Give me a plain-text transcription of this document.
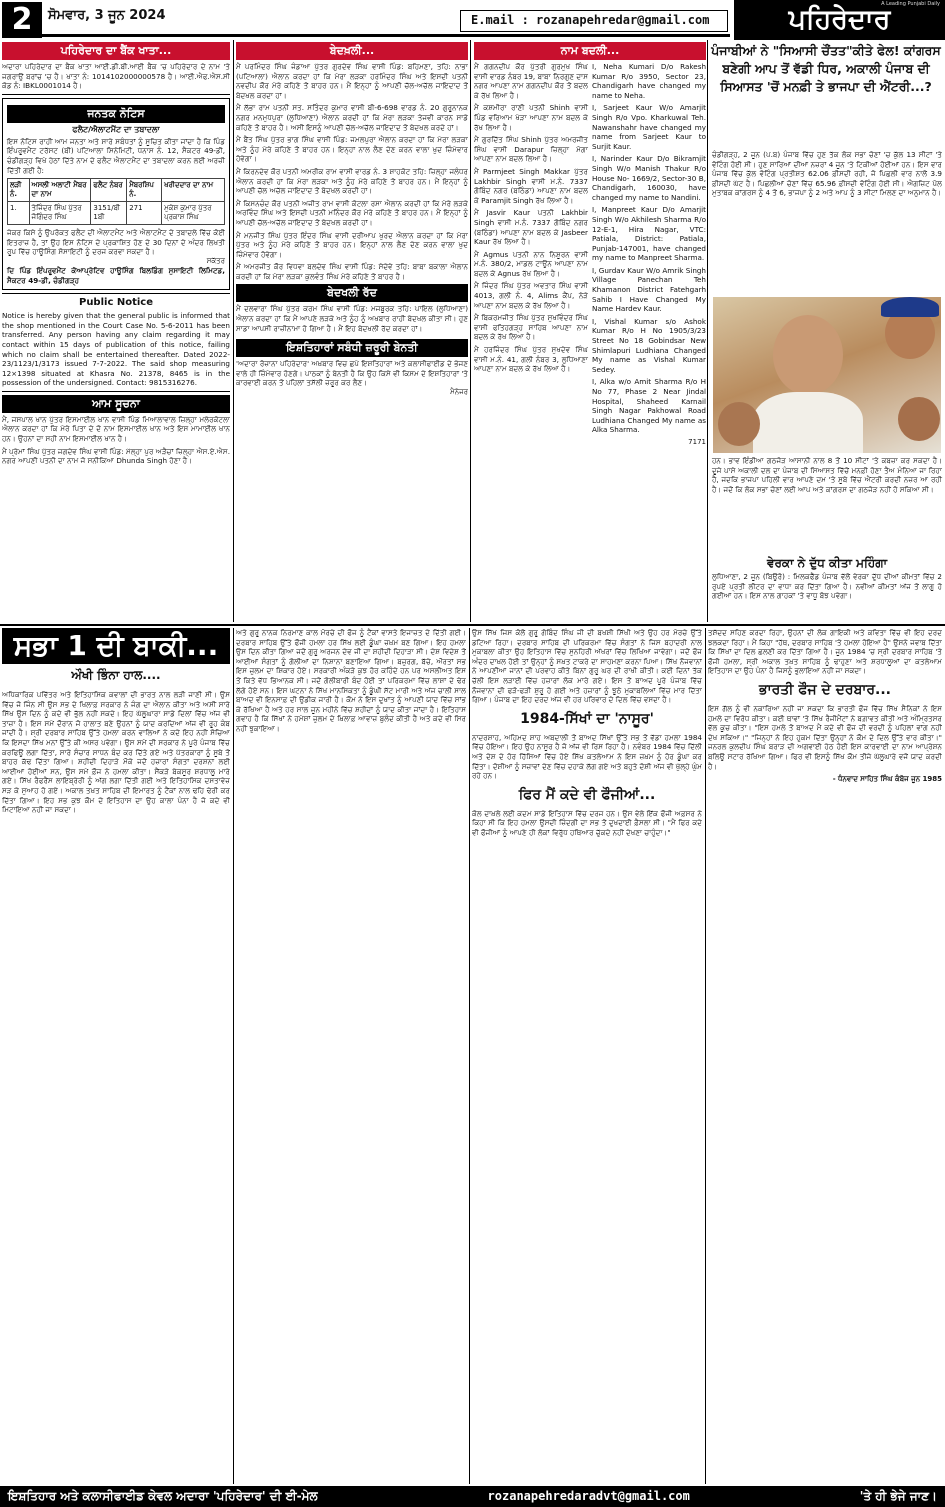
2	ਸੋਮਵਾਰ, 3 ਜੂਨ 2024	E.mail : rozanapehredar@gmail.com	ਪਹਿਰੇਦਾਰ
A Leading Punjabi Daily
ਪਹਿਰੇਦਾਰ ਦਾ ਬੈਂਕ ਖਾਤਾ...
ਅਦਾਰਾ ਪਹਿਰੇਦਾਰ ਦਾ ਬੈਂਕ ਖਾਤਾ ਆਈ.ਡੀ.ਬੀ.ਆਈ ਬੈਂਕ 'ਚ ਪਹਿਰੇਦਾਰ ਦੇ ਨਾਮ 'ਤੇ ਜਗਰਾਉਂ ਬਰਾਂਚ 'ਚ ਹੈ। ਖਾਤਾ ਨੰ: 1014102000000578 ਹੈ। ਆਈ.ਐਫ.ਐਸ.ਸੀ ਕੋਡ ਨੰ: IBKL0001014 ਹੈ।
ਜਨਤਕ ਨੋਟਿਸ
ਫਲੈਟ/ਐਲਾਟਮੈਂਟ ਦਾ ਤਬਾਦਲਾ
ਇਸ ਨੋਟਿਸ ਰਾਹੀਂ ਆਮ ਜਨਤਾ ਅਤੇ ਸਾਰੇ ਸਬੰਧਤਾਂ ਨੂੰ ਸੂਚਿਤ ਕੀਤਾ ਜਾਂਦਾ ਹੈ ਕਿ ਪਿੰਡ ਇੰਪਰੂਵਮੈਂਟ ਟਰੱਸਟ (ਬੀ) ਪਟਿਆਲਾ ਸਿਨੇਮਿਟੀ, ਧਨਾਸ ਨੰ. 12, ਸੈਕਟਰ 49-ਡੀ, ਚੰਡੀਗੜ੍ਹ ਵਿਖੇ ਹੇਠਾਂ ਦਿੱਤੇ ਨਾਮ ਦੇ ਫਲੈਟ ਐਲਾਟਮੈਂਟ ਦਾ ਤਬਾਦਲਾ ਕਰਨ ਲਈ ਅਰਜ਼ੀ ਦਿੱਤੀ ਗਈ ਹੈ:
ਲੜੀ ਨੰ.	ਅਸਲੀ ਅਲਾਟੀ ਮੈਂਬਰ ਦਾ ਨਾਮ	ਫਲੈਟ ਨੰਬਰ	ਮੈਂਬਰਸ਼ਿਪ ਨੰ.	ਖਰੀਦਦਾਰ ਦਾ ਨਾਮ
1.	ਤੇਜਿੰਦਰ ਸਿੰਘ ਪੁੱਤਰ ਜੋਗਿੰਦਰ ਸਿੰਘ	3151/ਬੀ 1ਬੀ	271	ਮੁਕੇਸ਼ ਕੁਮਾਰ ਪੁੱਤਰ ਪ੍ਰਕਾਸ਼ ਸਿੰਘ
ਜੇਕਰ ਕਿਸੇ ਨੂੰ ਉਪਰੋਕਤ ਫਲੈਟ ਦੀ ਐਲਾਟਮੈਂਟ ਅਤੇ ਐਲਾਟਮੈਂਟ ਦੇ ਤਬਾਦਲੇ ਵਿੱਚ ਕੋਈ ਇਤਰਾਜ਼ ਹੈ, ਤਾਂ ਉਹ ਇਸ ਨੋਟਿਸ ਦੇ ਪ੍ਰਕਾਸ਼ਿਤ ਹੋਣ ਦੇ 30 ਦਿਨਾਂ ਦੇ ਅੰਦਰ ਲਿਖਤੀ ਰੂਪ ਵਿੱਚ ਹਾਊਸਿੰਗ ਸੋਸਾਇਟੀ ਨੂੰ ਦਰਜ ਕਰਵਾ ਸਕਦਾ ਹੈ।
ਸਕੱਤਰ
ਦਿ ਪਿੰਡ ਇੰਪਰੂਵਮੈਂਟ ਕੋਆਪ੍ਰੇਟਿਵ ਹਾਊਸਿੰਗ ਬਿਲਡਿੰਗ ਸੁਸਾਇਟੀ ਲਿਮਿਟਡ, ਸੈਕਟਰ 49-ਡੀ, ਚੰਡੀਗੜ੍ਹ
Public Notice
Notice is hereby given that the general public is informed that the shop mentioned in the Court Case No. 5-6-2011 has been transferred. Any person having any claim regarding it may contact within 15 days of publication of this notice, failing which no claim shall be entertained thereafter. Dated 2022-23/1123/1/3173 issued 7-7-2022. The said shop measuring 12×1398 situated at Khasra No. 21378, 8465 is in the possession of the undersigned. Contact: 9815316276.
ਆਮ ਸੂਚਨਾ

ਮੈਂ, ਜਸਪਾਲ ਖਾਨ ਪੁੱਤਰ ਇਸਮਾਈਲ ਖਾਨ ਵਾਸੀ ਪਿੰਡ ਮਿਆਲਾਵਾਲ ਜ਼ਿਲ੍ਹਾ ਮਲੇਰਕੋਟਲਾ ਐਲਾਨ ਕਰਦਾ ਹਾਂ ਕਿ ਮੇਰੇ ਪਿਤਾ ਦੇ ਦੋ ਨਾਮ ਇਸਮਾਈਲ ਖਾਨ ਅਤੇ ਇਸ ਮਾਮਾਈਲ ਖਾਨ ਹਨ। ਉਹਨਾਂ ਦਾ ਸਹੀ ਨਾਮ ਇਸਮਾਈਲ ਖਾਨ ਹੈ।

ਮੈਂ ਪ੍ਰੇਮਾਂ ਸਿੰਘ ਪੁੱਤਰ ਜਗਦੇਵ ਸਿੰਘ ਵਾਸੀ ਪਿੰਡ: ਮੱਲ੍ਹਾ ਪੁਰ ਅੜੈਚਾਂ ਜ਼ਿਲ੍ਹਾ ਐਸ.ਏ.ਐਸ. ਨਗਰ ਆਪਣੀ ਪਤਨੀ ਦਾ ਨਾਮ ਜੋ ਸਨੀਕਿਆ Dhunda Singh ਹੋਣਾ ਹੈ।

ਬੇਦਖ਼ਲੀ...

ਮੈਂ ਪਰਮਿੰਦਰ ਸਿੰਘ ਜੰਡਾਆ ਪੁੱਤਰ ਗੁਰਦੇਵ ਸਿੰਘ ਵਾਸੀ ਪਿੰਡ: ਬਹਿਮਣਾ, ਤਹਿ: ਨਾਭਾ (ਪਟਿਆਲਾ) ਐਲਾਨ ਕਰਦਾ ਹਾਂ ਕਿ ਮੇਰਾ ਲੜਕਾ ਹਰਮਿੰਦਰ ਸਿੰਘ ਅਤੇ ਇਸਦੀ ਪਤਨੀ ਨਵਦੀਪ ਕੌਰ ਮੇਰੇ ਕਹਿਣੇ ਤੋਂ ਬਾਹਰ ਹਨ। ਮੈਂ ਇਨ੍ਹਾਂ ਨੂੰ ਆਪਣੀ ਚੱਲ-ਅਚੱਲ ਜਾਇਦਾਦ ਤੋਂ ਬੇਦਖਲ ਕਰਦਾ ਹਾਂ।

ਮੈਂ ਲੱਭਾ ਰਾਮ ਪਤਨੀ ਸਤ. ਸਤਿੰਦਰ ਕੁਮਾਰ ਵਾਸੀ ਬੀ-6-698 ਵਾਰਡ ਨੰ. 20 ਗੁਰੂਨਾਨਕ ਨਗਰ ਮਨਮੁਧਪੁਰਾ (ਲੁਧਿਆਣਾ) ਐਲਾਨ ਕਰਦੀ ਹਾਂ ਕਿ ਮੇਰਾ ਲੜਕਾ ਤੇਜਵੀ ਕਾਰਨ ਸਾਡੇ ਕਹਿਣੇ ਤੋਂ ਬਾਹਰ ਹੈ। ਅਸੀਂ ਇਸਨੂੰ ਆਪਣੀ ਚੱਲ-ਅਚੱਲ ਜਾਇਦਾਦ ਤੋਂ ਬੇਦਖਲ ਕਰਦੇ ਹਾਂ।

ਮੈਂ ਬੈਂਤ ਸਿੰਘ ਪੁੱਤਰ ਭਾਗ ਸਿੰਘ ਵਾਸੀ ਪਿੰਡ: ਜਮਲਪੁਰਾ ਐਲਾਨ ਕਰਦਾ ਹਾਂ ਕਿ ਮੇਰਾ ਲੜਕਾ ਅਤੇ ਨੂੰਹ ਮੇਰੇ ਕਹਿਣੇ ਤੋਂ ਬਾਹਰ ਹਨ। ਇਨ੍ਹਾਂ ਨਾਲ ਲੈਣ ਦੇਣ ਕਰਨ ਵਾਲਾ ਖੁਦ ਜ਼ਿੰਮੇਵਾਰ ਹੋਵੇਗਾ।

ਮੈਂ ਕਿਰਨਦੇਵ ਕੌਰ ਪਤਨੀ ਅਮਰੀਕ ਰਾਮ ਵਾਸੀ ਵਾਰਡ ਨੰ. 3 ਸ਼ਾਹਕੋਟ ਤਹਿ: ਜ਼ਿਲ੍ਹਾ ਜਲੰਧਰ ਐਲਾਨ ਕਰਦੀ ਹਾਂ ਕਿ ਮੇਰਾ ਲੜਕਾ ਅਤੇ ਨੂੰਹ ਮੇਰੇ ਕਹਿਣੇ ਤੋਂ ਬਾਹਰ ਹਨ। ਮੈਂ ਇਨ੍ਹਾਂ ਨੂੰ ਆਪਣੀ ਚੱਲ ਅਚੱਲ ਜਾਇਦਾਦ ਤੋਂ ਬੇਦਖਲ ਕਰਦੀ ਹਾਂ।

ਮੈਂ ਕਿਸਨਚੰਦ ਕੌਰ ਪਤਨੀ ਅਜੀਤ ਰਾਮ ਵਾਸੀ ਕੋਟਲਾ ਰਸਾ ਐਲਾਨ ਕਰਦੀ ਹਾਂ ਕਿ ਮੇਰੇ ਲੜਕੇ ਅਰਵਿੰਦ ਸਿੰਘ ਅਤੇ ਇਸਦੀ ਪਤਨੀ ਮਨਿੰਦਰ ਕੌਰ ਮੇਰੇ ਕਹਿਣੇ ਤੋਂ ਬਾਹਰ ਹਨ। ਮੈਂ ਇਨ੍ਹਾਂ ਨੂੰ ਆਪਣੀ ਚੱਲ-ਅਚੱਲ ਜਾਇਦਾਦ ਤੋਂ ਬੇਦਖਲ ਕਰਦੀ ਹਾਂ।

ਮੈਂ ਮਨਜੀਤ ਸਿੰਘ ਪੁੱਤਰ ਇੰਦਰ ਸਿੰਘ ਵਾਸੀ ਦਰੀਆਪ ਖੁਰਦ ਐਲਾਨ ਕਰਦਾ ਹਾਂ ਕਿ ਮੇਰਾ ਪੁੱਤਰ ਅਤੇ ਨੂੰਹ ਮੇਰੇ ਕਹਿਣੇ ਤੋਂ ਬਾਹਰ ਹਨ। ਇਨ੍ਹਾਂ ਨਾਲ ਲੈਣ ਦੇਣ ਕਰਨ ਵਾਲਾ ਖੁਦ ਜ਼ਿੰਮੇਵਾਰ ਹੋਵੇਗਾ।

ਮੈਂ ਅਮਰਜੀਤ ਕੌਰ ਵਿਧਵਾ ਬਲਦੇਵ ਸਿੰਘ ਵਾਸੀ ਪਿੰਡ: ਸੇਦੇਵੇ ਤਹਿ: ਬਾਬਾ ਬਕਾਲਾ ਐਲਾਨ ਕਰਦੀ ਹਾਂ ਕਿ ਮੇਰਾ ਲੜਕਾ ਕੁਲਵੰਤ ਸਿੰਘ ਮੇਰੇ ਕਹਿਣੇ ਤੋਂ ਬਾਹਰ ਹੈ।

ਬੇਦਖਲੀ ਰੱਦ
ਮੈਂ ਦਲਵਾਰਾ ਸਿੰਘ ਪੁੱਤਰ ਕਰਮ ਸਿੰਘ ਵਾਸੀ ਪਿੰਡ: ਮਜਬੂਰਕ ਤਹਿ: ਪਾਇਲ (ਲੁਧਿਆਣਾ) ਐਲਾਨ ਕਰਦਾ ਹਾਂ ਕਿ ਮੈਂ ਆਪਣੇ ਲੜਕੇ ਅਤੇ ਨੂੰਹ ਨੂੰ ਅਖਬਾਰ ਰਾਹੀਂ ਬੇਦਖਲ ਕੀਤਾ ਸੀ। ਹੁਣ ਸਾਡਾ ਆਪਸੀ ਰਾਜ਼ੀਨਾਮਾ ਹੋ ਗਿਆ ਹੈ। ਮੈਂ ਇਹ ਬੇਦਖਲੀ ਰੱਦ ਕਰਦਾ ਹਾਂ।
ਇਸ਼ਤਿਹਾਰਾਂ ਸਬੰਧੀ ਜ਼ਰੂਰੀ ਬੇਨਤੀ
'ਅਦਾਰਾ ਰੋਜ਼ਾਨਾ ਪਹਿਰੇਦਾਰ' ਅਖ਼ਬਾਰ ਵਿਚ ਛਪੇ ਇਸ਼ਤਿਹਾਰਾਂ ਅਤੇ ਕਲਾਸੀਫਾਈਡ ਦੇ ਭੇਜਣ ਵਾਲੇ ਹੀ ਜ਼ਿੰਮੇਵਾਰ ਹੋਣਗੇ। ਪਾਠਕਾਂ ਨੂੰ ਬੇਨਤੀ ਹੈ ਕਿ ਉਹ ਕਿਸੇ ਵੀ ਕਿਸਮ ਦੇ ਇਸ਼ਤਿਹਾਰਾਂ 'ਤੇ ਕਾਰਵਾਈ ਕਰਨ ਤੋਂ ਪਹਿਲਾਂ ਤਸੱਲੀ ਜ਼ਰੂਰ ਕਰ ਲੈਣ।
ਮੈਨੇਜਰ
ਨਾਮ ਬਦਲੀ...

ਮੈਂ ਗਗਨਦੀਪ ਕੌਰ ਪੁੱਤਰੀ ਗੁਰਮੁਖ ਸਿੰਘ ਵਾਸੀ ਵਾਰਡ ਨੰਬਰ 19, ਬਾਬਾ ਨਿਰਗੁਣ ਦਾਸ ਨਗਰ ਆਪਣਾ ਨਾਮ ਗਗਨਦੀਪ ਕੌਰ ਤੋਂ ਬਦਲ ਕੇ ਰੱਖ ਲਿਆ ਹੈ।

ਮੈਂ ਕਸ਼ਮੀਰਾ ਰਾਣੀ ਪਤਨੀ Shinh ਵਾਸੀ ਪਿੰਡ ਵਰਿਆਮ ਖੇੜਾ ਆਪਣਾ ਨਾਮ ਬਦਲ ਕੇ ਰੱਖ ਲਿਆ ਹੈ।

ਮੈਂ ਗੁਰਦਿੱਤ ਸਿੰਘ Shinh ਪੁੱਤਰ ਅਮਰਜੀਤ ਸਿੰਘ ਵਾਸੀ Darapur ਜ਼ਿਲ੍ਹਾ ਮੋਗਾ ਆਪਣਾ ਨਾਮ ਬਦਲ ਲਿਆ ਹੈ।

ਮੈਂ Parmjeet Singh Makkar ਪੁੱਤਰ Lakhbir Singh ਵਾਸੀ ਮ.ਨੰ. 7337 ਗੋਬਿੰਦ ਨਗਰ (ਬਠਿੰਡਾ) ਆਪਣਾ ਨਾਮ ਬਦਲ ਕੇ Paramjit Singh ਰੱਖ ਲਿਆ ਹੈ।

ਮੈਂ Jasvir Kaur ਪਤਨੀ Lakhbir Singh ਵਾਸੀ ਮ.ਨੰ. 7337 ਗੋਬਿੰਦ ਨਗਰ (ਬਠਿੰਡਾ) ਆਪਣਾ ਨਾਮ ਬਦਲ ਕੇ Jasbeer Kaur ਰੱਖ ਲਿਆ ਹੈ।

ਮੈਂ Agmus ਪਤਨੀ ਨਾਨ ਨਿਸ਼ੂਰਨ ਵਾਸੀ ਮ.ਨੰ. 380/2, ਮਾਡਲ ਟਾਊਨ ਆਪਣਾ ਨਾਮ ਬਦਲ ਕੇ Agnus ਰੱਖ ਲਿਆ ਹੈ।

ਮੈਂ ਜਿੰਦਰ ਸਿੰਘ ਪੁੱਤਰ ਅਵਤਾਰ ਸਿੰਘ ਵਾਸੀ 4013, ਗਲੀ ਨੰ. 4, Alims ਕੈਂਪ, ਨੇੜੇ ਆਪਣਾ ਨਾਮ ਬਦਲ ਕੇ ਰੱਖ ਲਿਆ ਹੈ।

ਮੈਂ ਬਿਕਰਮਜੀਤ ਸਿੰਘ ਪੁੱਤਰ ਸੁਖਵਿੰਦਰ ਸਿੰਘ ਵਾਸੀ ਫਤਿਹਗੜ੍ਹ ਸਾਹਿਬ ਆਪਣਾ ਨਾਮ ਬਦਲ ਕੇ ਰੱਖ ਲਿਆ ਹੈ।

ਮੈਂ ਹਰਜਿੰਦਰ ਸਿੰਘ ਪੁੱਤਰ ਸੁਖਦੇਵ ਸਿੰਘ ਵਾਸੀ ਮ.ਨੰ. 41, ਗਲੀ ਨੰਬਰ 3, ਲੁਧਿਆਣਾ ਆਪਣਾ ਨਾਮ ਬਦਲ ਕੇ ਰੱਖ ਲਿਆ ਹੈ।

I, Neha Kumari D/o Rakesh Kumar R/o 3950, Sector 23, Chandigarh have changed my name to Neha.

I, Sarjeet Kaur W/o Amarjit Singh R/o Vpo. Kharkuwal Teh. Nawanshahr have changed my name from Sarjeet Kaur to Surjit Kaur.

I, Narinder Kaur D/o Bikramjit Singh W/o Manish Thakur R/o House No- 1669/2, Sector-30 B, Chandigarh, 160030, have changed my name to Nandini.

I, Manpreet Kaur D/o Amarjit Singh W/o Akhilesh Sharma R/o 12-E-1, Hira Nagar, VTC: Patiala, District: Patiala, Punjab-147001, have changed my name to Manpreet Sharma.

I, Gurdav Kaur W/o Amrik Singh Village Panechan Teh Khamanon District Fatehgarh Sahib I Have Changed My Name Hardev Kaur.

I, Vishal Kumar s/o Ashok Kumar R/o H No 1905/3/23 Street No 18 Gobindsar New Shimlapuri Ludhiana Changed My name as Vishal Kumar Sedey.

I, Alka w/o Amit Sharma R/o H No 77, Phase 2 Near Jindal Hospital, Shaheed Karnail Singh Nagar Pakhowal Road Ludhiana Changed My name as Alka Sharma.

7171

ਪੰਜਾਬੀਆਂ ਨੇ "ਸਿਆਸੀ ਚੌਂਤਤ"ਕੀਤੇ ਫੇਲ! ਕਾਂਗਰਸ ਬਣੇਗੀ ਆਪ ਤੋਂ ਵੱਡੀ ਧਿਰ, ਅਕਾਲੀ ਪੰਜਾਬ ਦੀ ਸਿਆਸਤ 'ਚੋਂ ਮਨਫ਼ੀ ਤੇ ਭਾਜਪਾ ਦੀ ਐਂਟਰੀ...?
ਚੰਡੀਗੜ੍ਹ, 2 ਜੂਨ (ਪ.ਬ) ਪੰਜਾਬ ਵਿੱਚ ਹੁਣ ਤੱਕ ਲੋਕ ਸਭਾ ਚੋਣਾਂ 'ਚ ਕੁੱਲ 13 ਸੀਟਾਂ 'ਤੇ ਵੋਟਿੰਗ ਹੋਈ ਸੀ। ਹੁਣ ਸਾਰਿਆਂ ਦੀਆਂ ਨਜ਼ਰਾਂ 4 ਜੂਨ 'ਤੇ ਟਿਕੀਆਂ ਹੋਈਆਂ ਹਨ। ਇਸ ਵਾਰ ਪੰਜਾਬ ਵਿੱਚ ਕੁੱਲ ਵੋਟਿੰਗ ਪ੍ਰਤੀਸ਼ਤ 62.06 ਫ਼ੀਸਦੀ ਰਹੀ, ਜੋ ਪਿਛਲੀ ਵਾਰ ਨਾਲੋਂ 3.9 ਫ਼ੀਸਦੀ ਘੱਟ ਹੈ। ਪਿਛਲੀਆਂ ਚੋਣਾਂ ਵਿੱਚ 65.96 ਫ਼ੀਸਦੀ ਵੋਟਿੰਗ ਹੋਈ ਸੀ। ਐਗਜ਼ਿਟ ਪੋਲ ਮੁਤਾਬਕ ਕਾਂਗਰਸ ਨੂੰ 4 ਤੋਂ 6, ਭਾਜਪਾ ਨੂੰ 2 ਅਤੇ ਆਪ ਨੂੰ 3 ਸੀਟਾਂ ਮਿਲਣ ਦਾ ਅਨੁਮਾਨ ਹੈ।
ਹਨ। ਭਾਵ ਇੰਡੀਆ ਗਠਜੋੜ ਆਸਾਨੀ ਨਾਲ 8 ਤੋਂ 10 ਸੀਟਾਂ 'ਤੇ ਕਬਜ਼ਾ ਕਰ ਸਕਦਾ ਹੈ। ਦੂਜੇ ਪਾਸੇ ਅਕਾਲੀ ਦਲ ਦਾ ਪੰਜਾਬ ਦੀ ਸਿਆਸਤ ਵਿੱਚੋਂ ਮਨਫ਼ੀ ਹੋਣਾ ਤੈਅ ਮੰਨਿਆ ਜਾ ਰਿਹਾ ਹੈ, ਜਦਕਿ ਭਾਜਪਾ ਪਹਿਲੀ ਵਾਰ ਆਪਣੇ ਦਮ 'ਤੇ ਸੂਬੇ ਵਿੱਚ ਐਂਟਰੀ ਕਰਦੀ ਨਜ਼ਰ ਆ ਰਹੀ ਹੈ। ਜਦੋਂ ਕਿ ਲੋਕ ਸਭਾ ਚੋਣਾਂ ਲਈ ਆਪ ਅਤੇ ਕਾਂਗਰਸ ਦਾ ਗਠਜੋੜ ਨਹੀਂ ਹੋ ਸਕਿਆ ਸੀ।
ਵੇਰਕਾ ਨੇ ਦੁੱਧ ਕੀਤਾ ਮਹਿੰਗਾ
ਲੁਧਿਆਣਾ, 2 ਜੂਨ (ਬਿਊਰੋ) : ਮਿਲਕਫੈੱਡ ਪੰਜਾਬ ਵੱਲੋਂ ਵੇਰਕਾ ਦੁੱਧ ਦੀਆਂ ਕੀਮਤਾਂ ਵਿੱਚ 2 ਰੁਪਏ ਪ੍ਰਤੀ ਲੀਟਰ ਦਾ ਵਾਧਾ ਕਰ ਦਿੱਤਾ ਗਿਆ ਹੈ। ਨਵੀਆਂ ਕੀਮਤਾਂ ਅੱਜ ਤੋਂ ਲਾਗੂ ਹੋ ਗਈਆਂ ਹਨ। ਇਸ ਨਾਲ ਗਾਹਕਾਂ 'ਤੇ ਵਾਧੂ ਬੋਝ ਪਵੇਗਾ।
ਸਭਾ 1 ਦੀ ਬਾਕੀ...
ਔਖੀ ਭਿੰਨਾ ਹਾਲ....
ਅਧਿਕਾਰਿਕ ਪਵਿੱਤਰ ਅਤੇ ਇਤਿਹਾਸਿਕ ਕਵਾਲਾਂ ਦੀ ਭਾਰਤ ਨਾਲ ਲੜੀ ਜਾਣੀ ਸੀ। ਉਸ ਵਿੱਚ ਜੋ ਜਿੰਨ ਸੀ ਉਸ ਸਭ ਦੇ ਖਿਲਾਫ਼ ਸਰਕਾਰ ਨੇ ਜੰਗ ਦਾ ਐਲਾਨ ਕੀਤਾ ਅਤੇ ਅਸੀਂ ਸਾਰੇ ਸਿੱਖ ਉਸ ਦਿਨ ਨੂੰ ਕਦੇ ਵੀ ਭੁੱਲ ਨਹੀਂ ਸਕਦੇ। ਇਹ ਘੱਲੂਘਾਰਾ ਸਾਡੇ ਦਿਲਾਂ ਵਿੱਚ ਅੱਜ ਵੀ ਤਾਜ਼ਾ ਹੈ। ਇਸ ਸਮੇਂ ਦੌਰਾਨ ਜੋ ਹਾਲਾਤ ਬਣੇ ਉਹਨਾਂ ਨੂੰ ਯਾਦ ਕਰਦਿਆਂ ਅੱਜ ਵੀ ਰੂਹ ਕੰਬ ਜਾਂਦੀ ਹੈ। ਸ਼੍ਰੀ ਦਰਬਾਰ ਸਾਹਿਬ ਉੱਤੇ ਹਮਲਾ ਕਰਨ ਵਾਲਿਆਂ ਨੇ ਕਦੇ ਇਹ ਨਹੀਂ ਸੋਚਿਆ ਕਿ ਇਸਦਾ ਸਿੱਖ ਮਨਾਂ ਉੱਤੇ ਕੀ ਅਸਰ ਪਵੇਗਾ। ਉਸ ਸਮੇਂ ਦੀ ਸਰਕਾਰ ਨੇ ਪੂਰੇ ਪੰਜਾਬ ਵਿੱਚ ਕਰਫਿਊ ਲਗਾ ਦਿੱਤਾ, ਸਾਰੇ ਸੰਚਾਰ ਸਾਧਨ ਬੰਦ ਕਰ ਦਿੱਤੇ ਗਏ ਅਤੇ ਪੱਤਰਕਾਰਾਂ ਨੂੰ ਸੂਬੇ ਤੋਂ ਬਾਹਰ ਕੱਢ ਦਿੱਤਾ ਗਿਆ। ਸ਼ਹੀਦੀ ਦਿਹਾੜੇ ਮੌਕੇ ਜਦੋਂ ਹਜ਼ਾਰਾਂ ਸੰਗਤਾਂ ਦਰਸ਼ਨਾਂ ਲਈ ਆਈਆਂ ਹੋਈਆਂ ਸਨ, ਉਸ ਸਮੇਂ ਫ਼ੌਜ ਨੇ ਹਮਲਾ ਕੀਤਾ। ਸੈਂਕੜੇ ਬੇਕਸੂਰ ਸ਼ਰਧਾਲੂ ਮਾਰੇ ਗਏ। ਸਿੱਖ ਰੈਫਰੈਂਸ ਲਾਇਬ੍ਰੇਰੀ ਨੂੰ ਅੱਗ ਲਗਾ ਦਿੱਤੀ ਗਈ ਅਤੇ ਇਤਿਹਾਸਿਕ ਦਸਤਾਵੇਜ਼ ਸੜ ਕੇ ਸੁਆਹ ਹੋ ਗਏ। ਅਕਾਲ ਤਖ਼ਤ ਸਾਹਿਬ ਦੀ ਇਮਾਰਤ ਨੂੰ ਟੈਂਕਾਂ ਨਾਲ ਢਹਿ ਢੇਰੀ ਕਰ ਦਿੱਤਾ ਗਿਆ। ਇਹ ਸਭ ਕੁਝ ਕੌਮ ਦੇ ਇਤਿਹਾਸ ਦਾ ਉਹ ਕਾਲਾ ਪੰਨਾ ਹੈ ਜੋ ਕਦੇ ਵੀ ਮਿਟਾਇਆ ਨਹੀਂ ਜਾ ਸਕਦਾ।
ਅਤੇ ਗੁਰੂ ਨਾਨਕ ਨਿਰਮਾਣ ਕਾਲ ਮੋਰਚੇ ਦੀ ਫੌਜ ਨੂੰ ਟੈਂਕਾਂ ਵਾਸਤੇ ਇਜਾਜ਼ਤ ਦੇ ਦਿੱਤੀ ਗਈ। ਦਰਬਾਰ ਸਾਹਿਬ ਉੱਤੇ ਫੌਜੀ ਹਮਲਾ ਹਰ ਸਿੱਖ ਲਈ ਡੂੰਘਾ ਜ਼ਖ਼ਮ ਬਣ ਗਿਆ। ਇਹ ਹਮਲਾ ਉਸ ਦਿਨ ਕੀਤਾ ਗਿਆ ਜਦੋਂ ਗੁਰੂ ਅਰਜਨ ਦੇਵ ਜੀ ਦਾ ਸ਼ਹੀਦੀ ਦਿਹਾੜਾ ਸੀ। ਦੇਸ਼ ਵਿਦੇਸ਼ ਤੋਂ ਆਈਆਂ ਸੰਗਤਾਂ ਨੂੰ ਗੋਲੀਆਂ ਦਾ ਨਿਸ਼ਾਨਾ ਬਣਾਇਆ ਗਿਆ। ਬਜ਼ੁਰਗ, ਬੱਚੇ, ਔਰਤਾਂ ਸਭ ਇਸ ਜ਼ੁਲਮ ਦਾ ਸ਼ਿਕਾਰ ਹੋਏ। ਸਰਕਾਰੀ ਅੰਕੜੇ ਕੁਝ ਹੋਰ ਕਹਿੰਦੇ ਹਨ ਪਰ ਅਸਲੀਅਤ ਇਸ ਤੋਂ ਕਿਤੇ ਵੱਧ ਭਿਆਨਕ ਸੀ। ਜਦੋਂ ਗੋਲੀਬਾਰੀ ਬੰਦ ਹੋਈ ਤਾਂ ਪਰਿਕਰਮਾ ਵਿੱਚ ਲਾਸ਼ਾਂ ਦੇ ਢੇਰ ਲੱਗੇ ਹੋਏ ਸਨ। ਇਸ ਘਟਨਾ ਨੇ ਸਿੱਖ ਮਾਨਸਿਕਤਾ ਨੂੰ ਡੂੰਘੀ ਸੱਟ ਮਾਰੀ ਅਤੇ ਅੱਜ ਚਾਲੀ ਸਾਲ ਬਾਅਦ ਵੀ ਇਨਸਾਫ਼ ਦੀ ਉਡੀਕ ਜਾਰੀ ਹੈ। ਕੌਮ ਨੇ ਇਸ ਦੁਖਾਂਤ ਨੂੰ ਆਪਣੀ ਯਾਦ ਵਿੱਚ ਸਾਂਭ ਕੇ ਰੱਖਿਆ ਹੈ ਅਤੇ ਹਰ ਸਾਲ ਜੂਨ ਮਹੀਨੇ ਵਿੱਚ ਸ਼ਹੀਦਾਂ ਨੂੰ ਯਾਦ ਕੀਤਾ ਜਾਂਦਾ ਹੈ। ਇਤਿਹਾਸ ਗਵਾਹ ਹੈ ਕਿ ਸਿੱਖਾਂ ਨੇ ਹਮੇਸ਼ਾਂ ਜ਼ੁਲਮ ਦੇ ਖ਼ਿਲਾਫ਼ ਆਵਾਜ਼ ਬੁਲੰਦ ਕੀਤੀ ਹੈ ਅਤੇ ਕਦੇ ਵੀ ਸਿਰ ਨਹੀਂ ਝੁਕਾਇਆ।
ਉਸ ਸਿੱਖ ਜਿਸ ਕੋਲੋਂ ਗੁਰੂ ਗੋਬਿੰਦ ਸਿੰਘ ਜੀ ਦੀ ਬਖਸ਼ੀ ਸਿੱਖੀ ਅਤੇ ਉਹ ਹਰ ਮੋਰਚੇ ਉੱਤੇ ਡਟਿਆ ਰਿਹਾ। ਦਰਬਾਰ ਸਾਹਿਬ ਦੀ ਪਰਿਕਰਮਾ ਵਿੱਚ ਸੰਗਤਾਂ ਨੇ ਜਿਸ ਬਹਾਦਰੀ ਨਾਲ ਮੁਕਾਬਲਾ ਕੀਤਾ ਉਹ ਇਤਿਹਾਸ ਵਿੱਚ ਸੁਨਹਿਰੀ ਅੱਖਰਾਂ ਵਿੱਚ ਲਿਖਿਆ ਜਾਵੇਗਾ। ਜਦੋਂ ਫੌਜ ਅੰਦਰ ਦਾਖ਼ਲ ਹੋਈ ਤਾਂ ਉਨ੍ਹਾਂ ਨੂੰ ਸਖ਼ਤ ਟਾਕਰੇ ਦਾ ਸਾਹਮਣਾ ਕਰਨਾ ਪਿਆ। ਸਿੱਖ ਨੌਜਵਾਨਾਂ ਨੇ ਆਪਣੀਆਂ ਜਾਨਾਂ ਦੀ ਪਰਵਾਹ ਕੀਤੇ ਬਿਨਾਂ ਗੁਰੂ ਘਰ ਦੀ ਰਾਖੀ ਕੀਤੀ। ਕਈ ਦਿਨਾਂ ਤੱਕ ਚੱਲੀ ਇਸ ਲੜਾਈ ਵਿੱਚ ਹਜ਼ਾਰਾਂ ਲੋਕ ਮਾਰੇ ਗਏ। ਇਸ ਤੋਂ ਬਾਅਦ ਪੂਰੇ ਪੰਜਾਬ ਵਿੱਚ ਨੌਜਵਾਨਾਂ ਦੀ ਫੜੋ-ਫੜੀ ਸ਼ੁਰੂ ਹੋ ਗਈ ਅਤੇ ਹਜ਼ਾਰਾਂ ਨੂੰ ਝੂਠੇ ਮੁਕਾਬਲਿਆਂ ਵਿੱਚ ਮਾਰ ਦਿੱਤਾ ਗਿਆ। ਪੰਜਾਬ ਦਾ ਇਹ ਦਰਦ ਅੱਜ ਵੀ ਹਰ ਪਰਿਵਾਰ ਦੇ ਦਿਲ ਵਿੱਚ ਵਸਦਾ ਹੈ।
1984-ਸਿੱਖਾਂ ਦਾ 'ਨਾਸੂਰ'
ਨਾਦਰਸ਼ਾਹ, ਅਹਿਮਦ ਸ਼ਾਹ ਅਬਦਾਲੀ ਤੋਂ ਬਾਅਦ ਸਿੱਖਾਂ ਉੱਤੇ ਸਭ ਤੋਂ ਵੱਡਾ ਹਮਲਾ 1984 ਵਿੱਚ ਹੋਇਆ। ਇਹ ਉਹ ਨਾਸੂਰ ਹੈ ਜੋ ਅੱਜ ਵੀ ਰਿਸ ਰਿਹਾ ਹੈ। ਨਵੰਬਰ 1984 ਵਿੱਚ ਦਿੱਲੀ ਅਤੇ ਦੇਸ਼ ਦੇ ਹੋਰ ਹਿੱਸਿਆਂ ਵਿੱਚ ਹੋਏ ਸਿੱਖ ਕਤਲੇਆਮ ਨੇ ਇਸ ਜ਼ਖ਼ਮ ਨੂੰ ਹੋਰ ਡੂੰਘਾ ਕਰ ਦਿੱਤਾ। ਦੋਸ਼ੀਆਂ ਨੂੰ ਸਜ਼ਾਵਾਂ ਦੇਣ ਵਿੱਚ ਦਹਾਕੇ ਲੱਗ ਗਏ ਅਤੇ ਬਹੁਤੇ ਦੋਸ਼ੀ ਅੱਜ ਵੀ ਖੁੱਲ੍ਹੇ ਘੁੰਮ ਰਹੇ ਹਨ।
ਫਿਰ ਮੈਂ ਕਦੇ ਵੀ ਫੌਜੀਆਂ...
ਕੋਲ ਦਾਖ਼ਲੇ ਲਈ ਕਦਮ ਸਾਡੇ ਇਤਿਹਾਸ ਵਿੱਚ ਦਰਜ ਹਨ। ਉਸ ਵੇਲੇ ਇੱਕ ਫੌਜੀ ਅਫ਼ਸਰ ਨੇ ਕਿਹਾ ਸੀ ਕਿ ਇਹ ਹਮਲਾ ਉਸਦੀ ਜ਼ਿੰਦਗੀ ਦਾ ਸਭ ਤੋਂ ਦੁਖਦਾਈ ਫ਼ੈਸਲਾ ਸੀ। "ਮੈਂ ਫਿਰ ਕਦੇ ਵੀ ਫੌਜੀਆਂ ਨੂੰ ਆਪਣੇ ਹੀ ਲੋਕਾਂ ਵਿਰੁੱਧ ਹਥਿਆਰ ਚੁੱਕਦੇ ਨਹੀਂ ਦੇਖਣਾ ਚਾਹੁੰਦਾ।"
ਤਸ਼ੱਦਦ ਸਹਿਣ ਕਰਦਾ ਰਿਹਾ, ਉਹਨਾਂ ਦੀ ਲੋਕ ਗਾਇਕੀ ਅਤੇ ਕਵਿਤਾ ਵਿੱਚ ਵੀ ਇਹ ਦਰਦ ਝਲਕਦਾ ਰਿਹਾ। ਮੈਂ ਕਿਹਾ "ਹੱਥ, ਦਰਬਾਰ ਸਾਹਿਬ 'ਤੇ ਹਮਲਾ ਹੋਇਆ ਹੈ" ਉਸਨੇ ਜਵਾਬ ਦਿੱਤਾ ਕਿ ਸਿੱਖਾਂ ਦਾ ਦਿਲ ਛਲਣੀ ਕਰ ਦਿੱਤਾ ਗਿਆ ਹੈ। ਜੂਨ 1984 'ਚ ਸ੍ਰੀ ਦਰਬਾਰ ਸਾਹਿਬ 'ਤੇ ਫੌਜੀ ਹਮਲਾ, ਸ੍ਰੀ ਅਕਾਲ ਤਖ਼ਤ ਸਾਹਿਬ ਨੂੰ ਢਾਹੁਣਾ ਅਤੇ ਸ਼ਰਧਾਲੂਆਂ ਦਾ ਕਤਲੇਆਮ ਇਤਿਹਾਸ ਦਾ ਉਹ ਪੰਨਾ ਹੈ ਜਿਸਨੂੰ ਭੁਲਾਇਆ ਨਹੀਂ ਜਾ ਸਕਦਾ।
ਭਾਰਤੀ ਫੌਜ ਦੇ ਦਰਬਾਰ...
ਇਸ ਗੱਲ ਨੂੰ ਵੀ ਨਕਾਰਿਆ ਨਹੀਂ ਜਾ ਸਕਦਾ ਕਿ ਭਾਰਤੀ ਫੌਜ ਵਿੱਚ ਸਿੱਖ ਸੈਨਿਕਾਂ ਨੇ ਇਸ ਹਮਲੇ ਦਾ ਵਿਰੋਧ ਕੀਤਾ। ਕਈ ਥਾਵਾਂ 'ਤੇ ਸਿੱਖ ਰੈਜੀਮੈਂਟਾਂ ਨੇ ਬਗ਼ਾਵਤ ਕੀਤੀ ਅਤੇ ਅੰਮ੍ਰਿਤਸਰ ਵੱਲ ਕੂਚ ਕੀਤਾ। "ਇਸ ਹਮਲੇ ਤੋਂ ਬਾਅਦ ਮੈਂ ਕਦੇ ਵੀ ਫੌਜ ਦੀ ਵਰਦੀ ਨੂੰ ਪਹਿਲਾਂ ਵਾਂਗ ਨਹੀਂ ਦੇਖ ਸਕਿਆ।" "ਜਿਨ੍ਹਾਂ ਨੇ ਇਹ ਹੁਕਮ ਦਿੱਤਾ ਉਨ੍ਹਾਂ ਨੇ ਕੌਮ ਦੇ ਦਿਲ ਉੱਤੇ ਵਾਰ ਕੀਤਾ।" ਜਨਰਲ ਕੁਲਦੀਪ ਸਿੰਘ ਬਰਾੜ ਦੀ ਅਗਵਾਈ ਹੇਠ ਹੋਈ ਇਸ ਕਾਰਵਾਈ ਦਾ ਨਾਮ ਆਪ੍ਰੇਸ਼ਨ ਬਲਿਊ ਸਟਾਰ ਰੱਖਿਆ ਗਿਆ। ਫਿਰ ਵੀ ਇਸਨੂੰ ਸਿੱਖ ਕੌਮ ਤੀਜੇ ਘੱਲੂਘਾਰੇ ਵਜੋਂ ਯਾਦ ਕਰਦੀ ਹੈ।
- ਧੰਨਵਾਦ ਸਾਹਿਤ ਸਿੰਘ ਕੰਬੋਜ ਜੂਨ 1985
ਇਸ਼ਤਿਹਾਰ ਅਤੇ ਕਲਾਸੀਫਾਈਡ ਕੇਵਲ ਅਦਾਰਾ 'ਪਹਿਰੇਦਾਰ' ਦੀ ਈ-ਮੇਲ	rozanapehredaradvt@gmail.com	'ਤੇ ਹੀ ਭੇਜੇ ਜਾਣ।
